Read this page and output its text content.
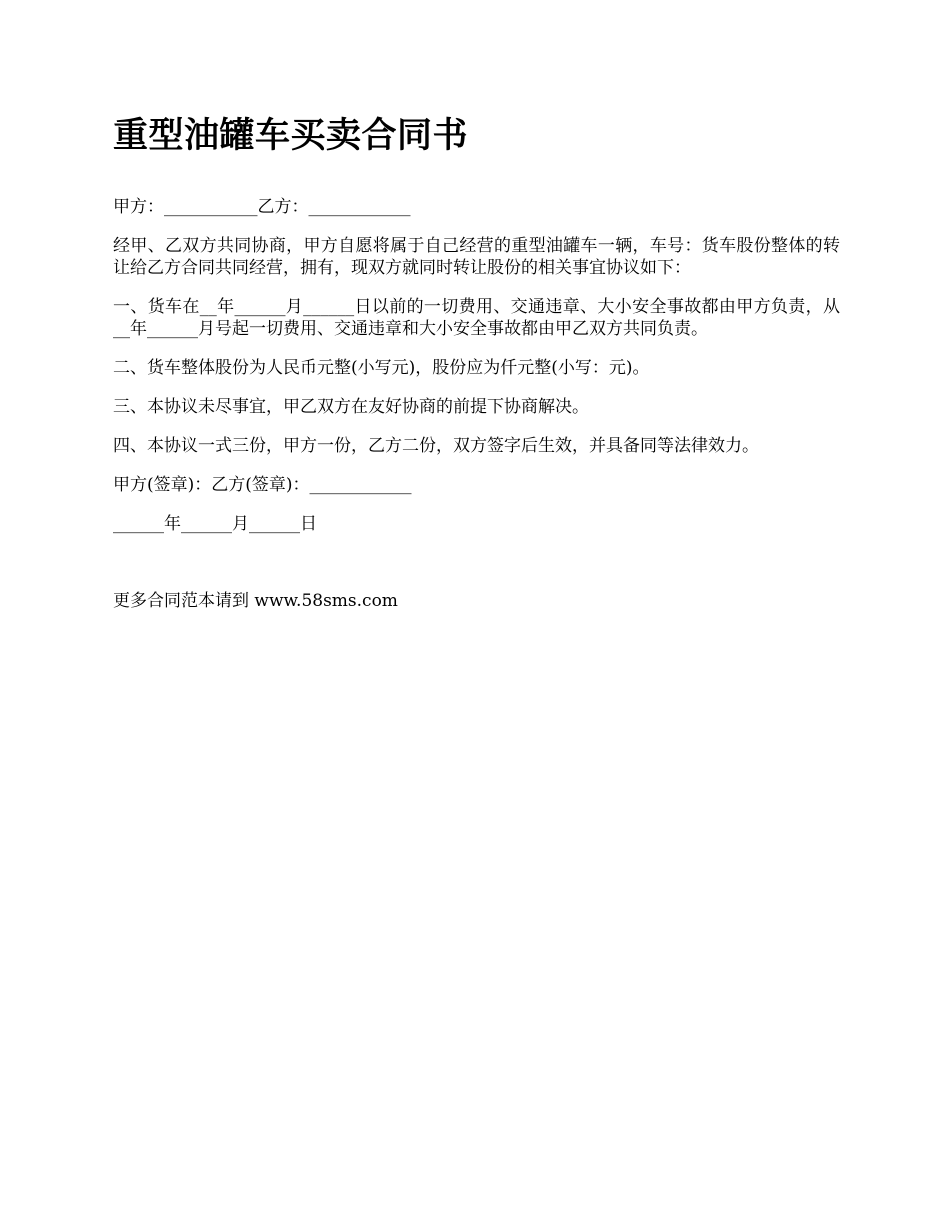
重型油罐车买卖合同书

甲方：___________乙方：____________

经甲、乙双方共同协商，甲方自愿将属于自己经营的重型油罐车一辆，车号：货车股份整体的转让给乙方合同共同经营，拥有，现双方就同时转让股份的相关事宜协议如下：

一、货车在__年______月______日以前的一切费用、交通违章、大小安全事故都由甲方负责，从__年______月号起一切费用、交通违章和大小安全事故都由甲乙双方共同负责。

二、货车整体股份为人民币元整(小写元)，股份应为仟元整(小写：元)。

三、本协议未尽事宜，甲乙双方在友好协商的前提下协商解决。

四、本协议一式三份，甲方一份，乙方二份，双方签字后生效，并具备同等法律效力。

甲方(签章)：乙方(签章)：____________

______年______月______日

更多合同范本请到 www.58sms.com
